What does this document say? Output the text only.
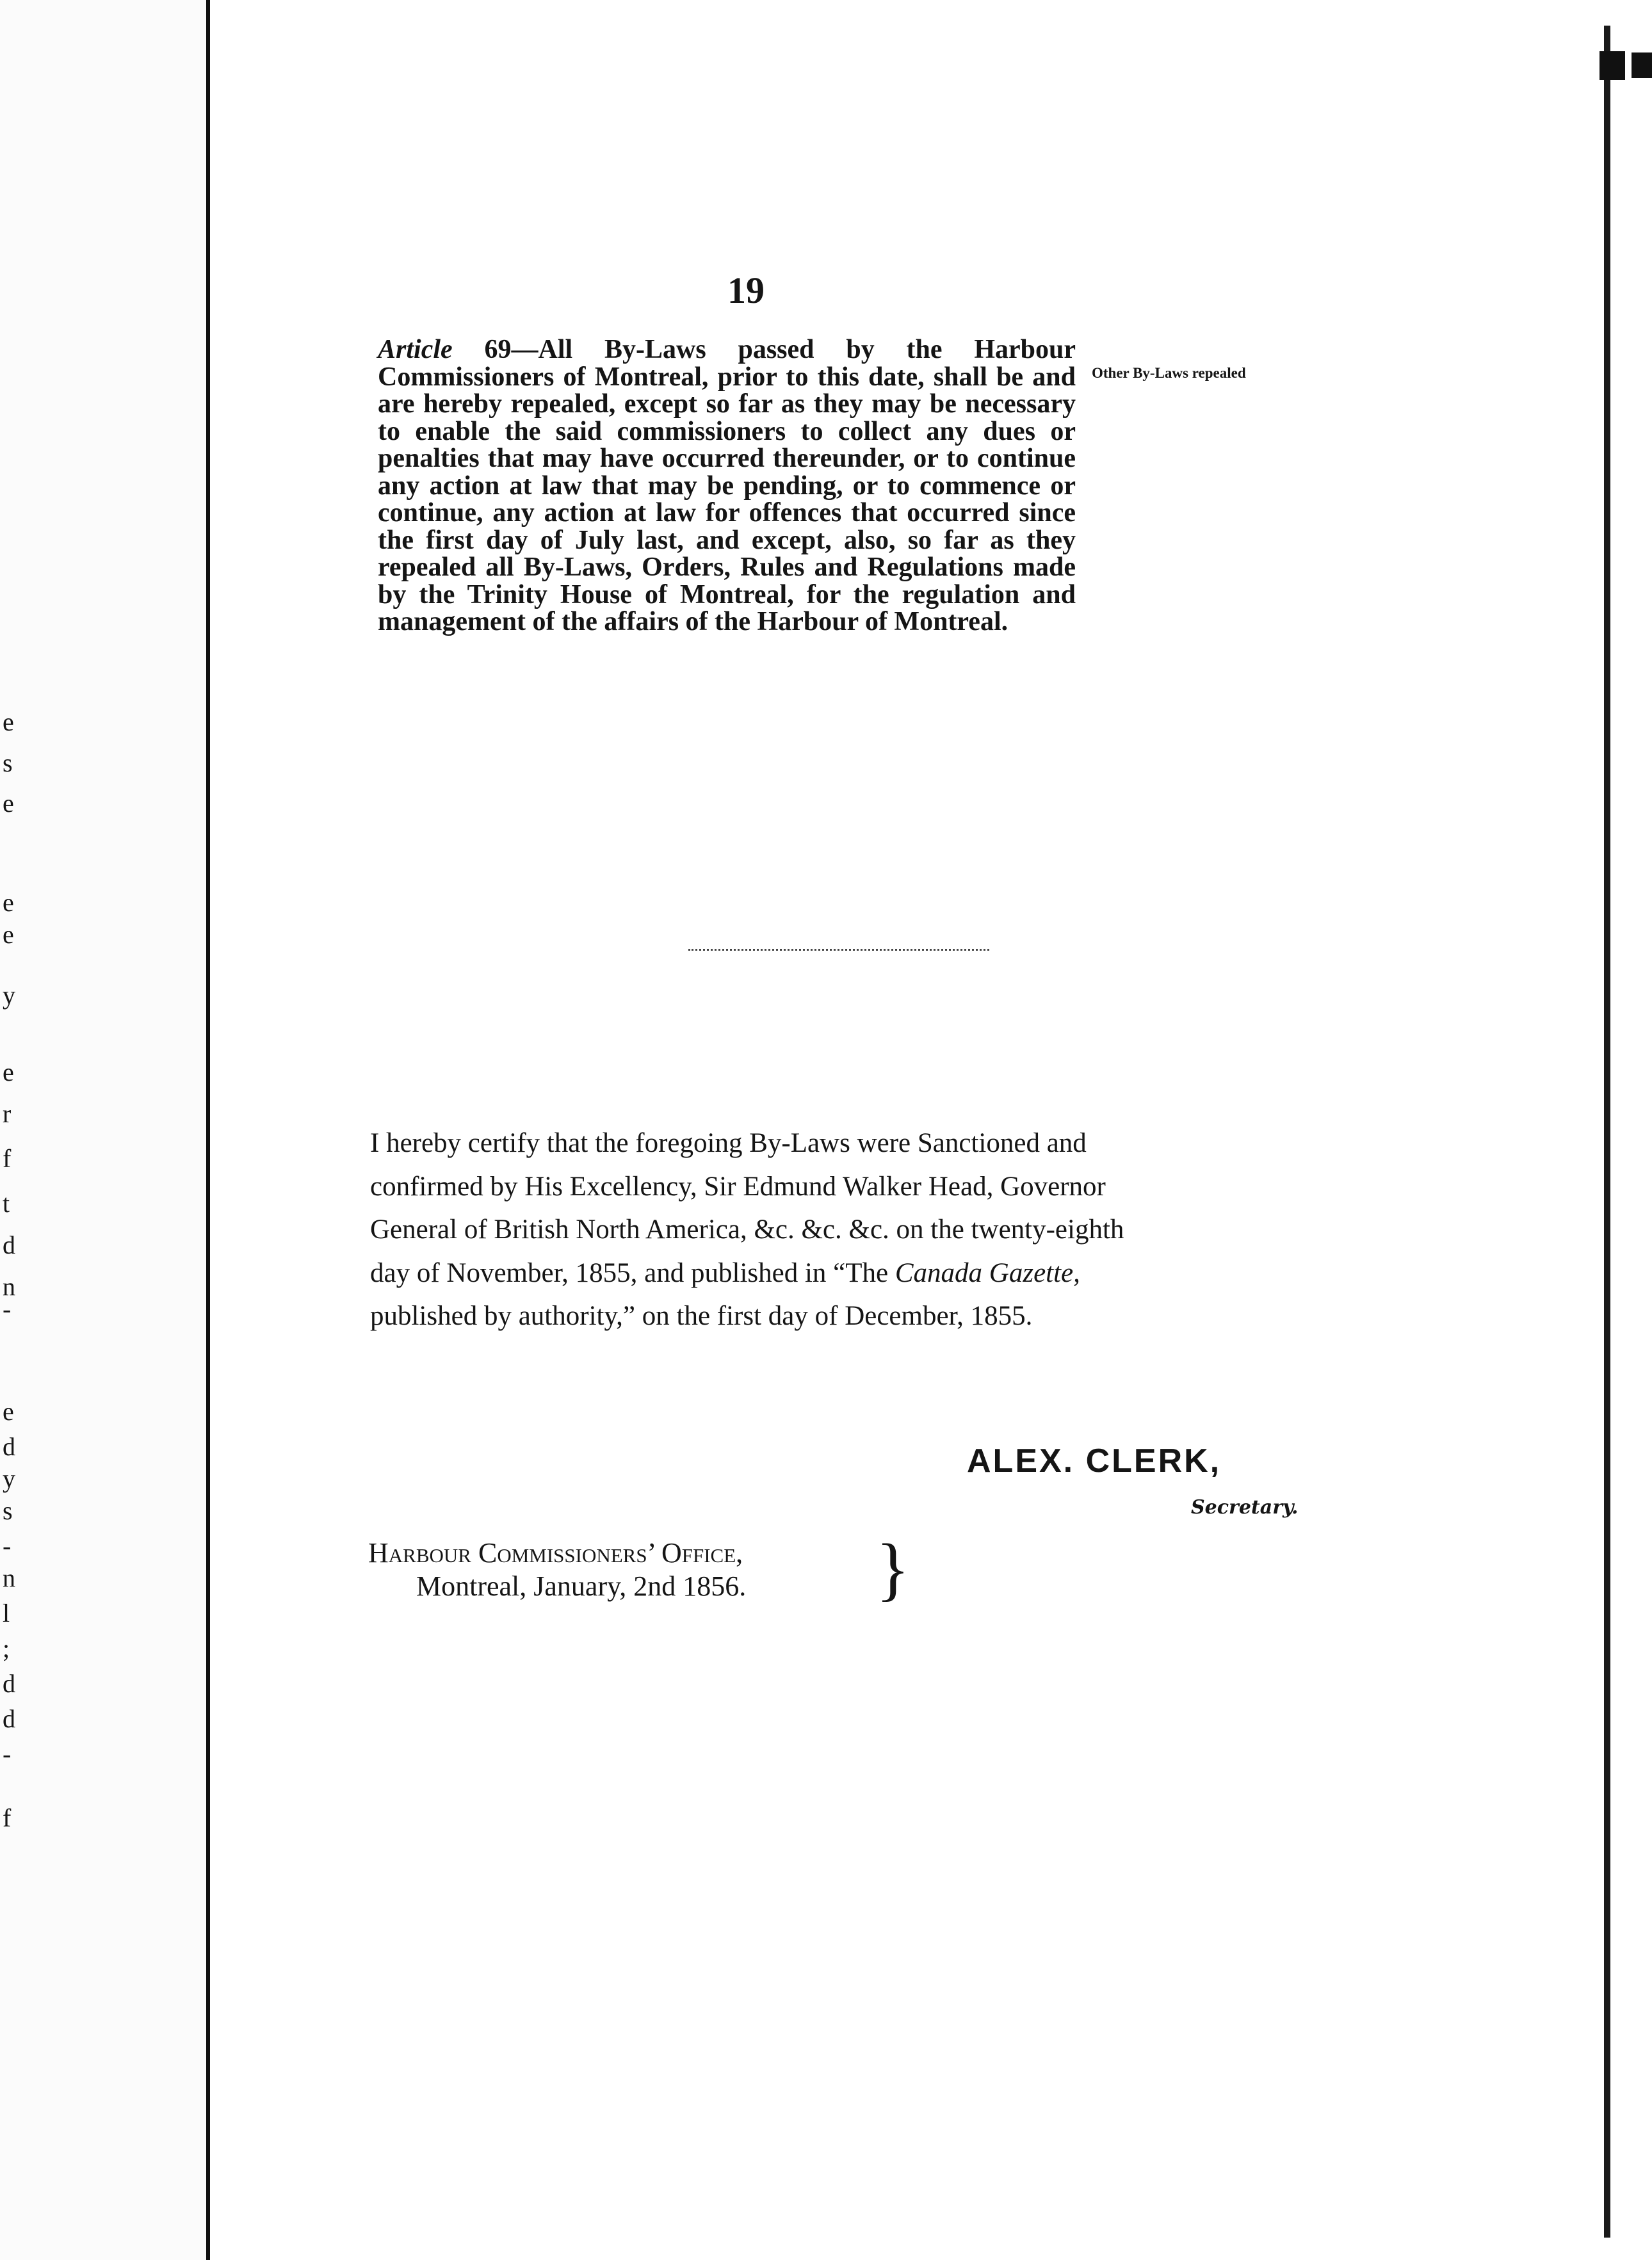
e
s
e
e
e
y
e
r
f
t
d
n
-
e
d
y
s
-
n
l
;
d
d
-
f
19
Article 69—All By-Laws passed by the Harbour Commissioners of Montreal, prior to this date, shall be and are hereby repealed, except so far as they may be necessary to enable the said commissioners to collect any dues or penalties that may have occurred thereunder, or to continue any action at law that may be pending, or to commence or continue, any action at law for offences that occurred since the first day of July last, and except, also, so far as they repealed all By-Laws, Orders, Rules and Regulations made by the Trinity House of Montreal, for the regulation and management of the affairs of the Harbour of Montreal.
Other By-Laws repealed
I hereby certify that the foregoing By-Laws were Sanctioned and
confirmed by His Excellency, Sir Edmund Walker Head, Governor
General of British North America, &c. &c. &c. on the twenty-eighth
day of November, 1855, and published in “The Canada Gazette,
published by authority,” on the first day of December, 1855.
ALEX. CLERK,
Secretary.
Harbour Commissioners’ Office,
Montreal, January, 2nd 1856.	}
